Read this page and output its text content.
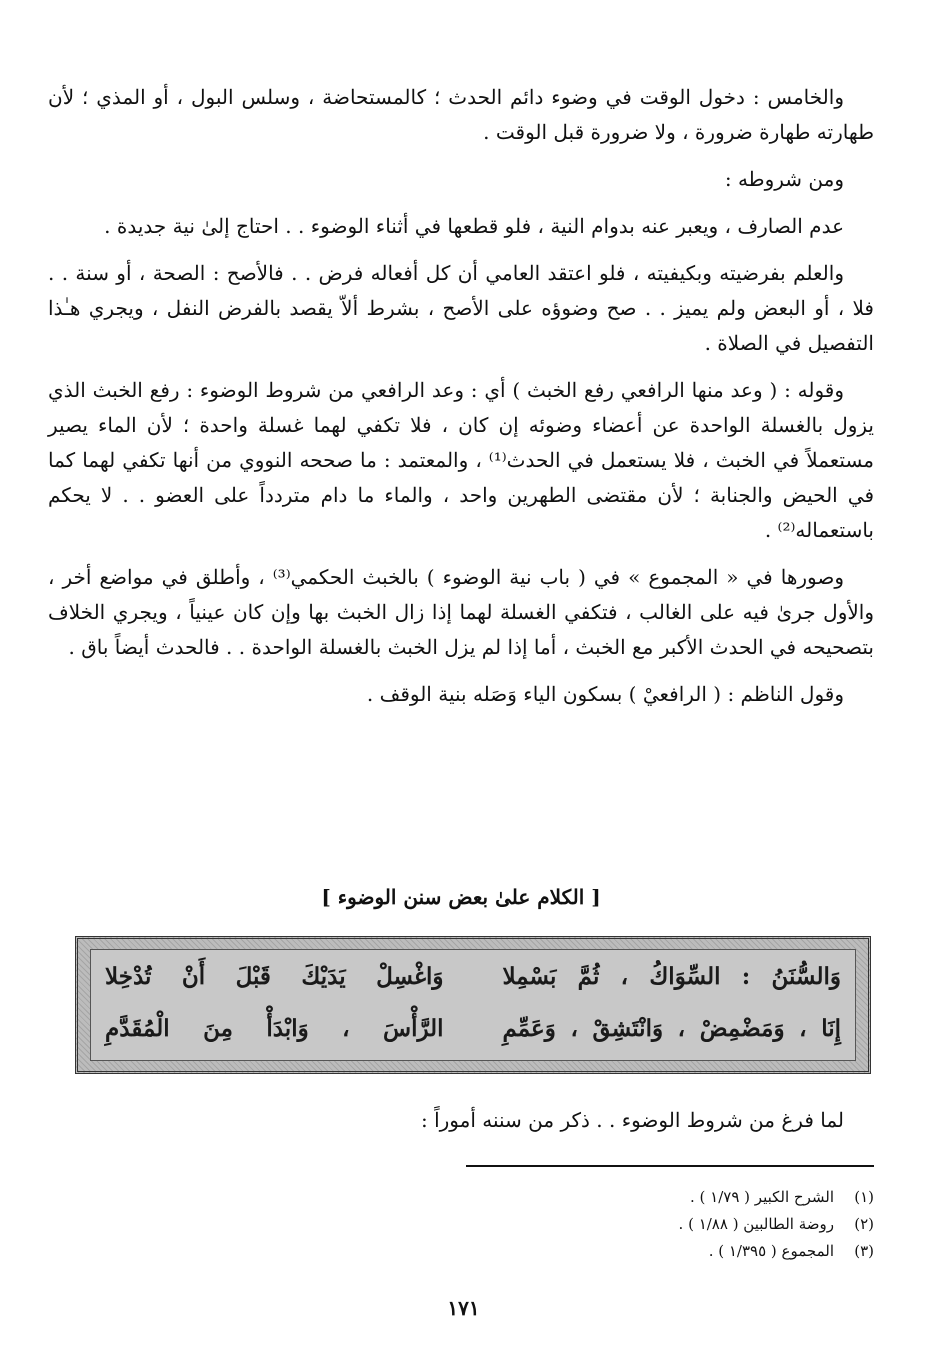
والخامس : دخول الوقت في وضوء دائم الحدث ؛ كالمستحاضة ، وسلس البول ، أو المذي ؛ لأن طهارته طهارة ضرورة ، ولا ضرورة قبل الوقت .

ومن شروطه :

عدم الصارف ، ويعبر عنه بدوام النية ، فلو قطعها في أثناء الوضوء . . احتاج إلىٰ نية جديدة .

والعلم بفرضيته وبكيفيته ، فلو اعتقد العامي أن كل أفعاله فرض . . فالأصح : الصحة ، أو سنة . . فلا ، أو البعض ولم يميز . . صح وضوؤه على الأصح ، بشرط ألاّ يقصد بالفرض النفل ، ويجري هـٰذا التفصيل في الصلاة .

وقوله : ( وعد منها الرافعي رفع الخبث ) أي : وعد الرافعي من شروط الوضوء : رفع الخبث الذي يزول بالغسلة الواحدة عن أعضاء وضوئه إن كان ، فلا تكفي لهما غسلة واحدة ؛ لأن الماء يصير مستعملاً في الخبث ، فلا يستعمل في الحدث⁽¹⁾ ، والمعتمد : ما صححه النووي من أنها تكفي لهما كما في الحيض والجنابة ؛ لأن مقتضى الطهرين واحد ، والماء ما دام متردداً على العضو . . لا يحكم باستعماله⁽²⁾ .

وصورها في « المجموع » في ( باب نية الوضوء ) بالخبث الحكمي⁽³⁾ ، وأطلق في مواضع أخر ، والأول جرىٰ فيه على الغالب ، فتكفي الغسلة لهما إذا زال الخبث بها وإن كان عينياً ، ويجري الخلاف بتصحيحه في الحدث الأكبر مع الخبث ، أما إذا لم يزل الخبث بالغسلة الواحدة . . فالحدث أيضاً باق .

وقول الناظم : ( الرافعيْ ) بسكون الياء وَصَله بنية الوقف .

[ الكلام علىٰ بعض سنن الوضوء ]
وَالسُّنَنُ : السِّوَاكُ ، ثُمَّ بَسْمِلا
وَاغْسِلْ يَدَيْكَ قَبْلَ أَنْ تُدْخِلا
إِنَا ، وَمَضْمِضْ ، وَانْتَشِقْ ، وَعَمِّمِ
الرَّأْسَ ، وَابْدَأْ مِنَ الْمُقَدَّمِ
لما فرغ من شروط الوضوء . . ذكر من سننه أموراً :
(١)
الشرح الكبير ( ١/٧٩ ) .
(٢)
روضة الطالبين ( ١/٨٨ ) .
(٣)
المجموع ( ١/٣٩٥ ) .
١٧١
